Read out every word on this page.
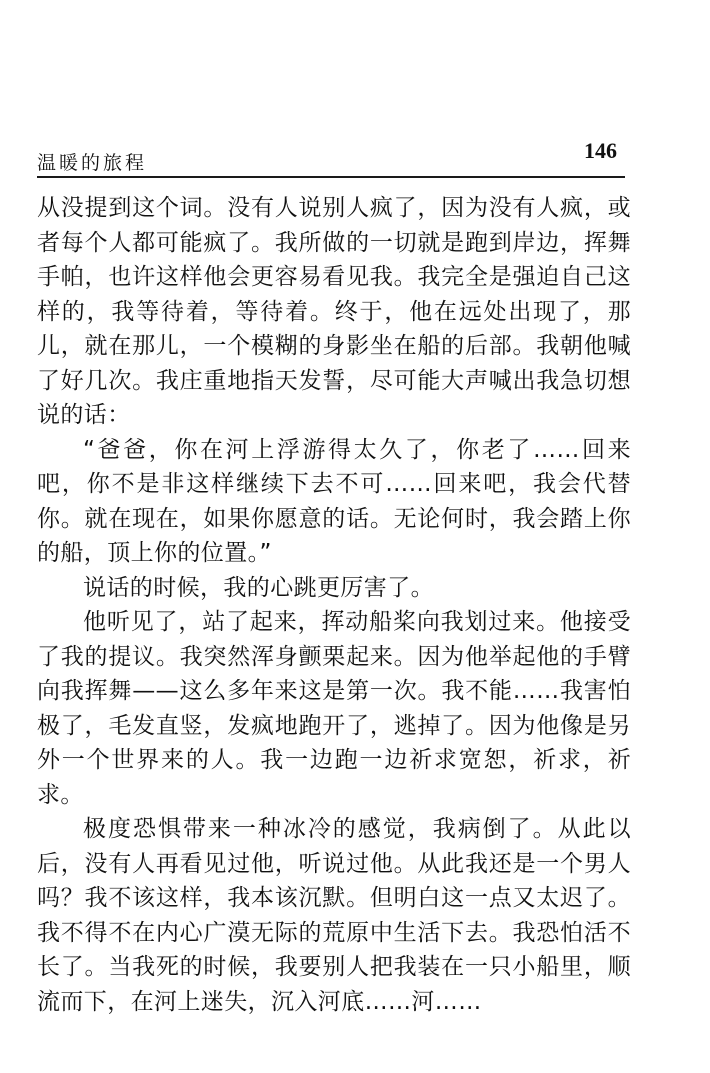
温暖的旅程	146

从没提到这个词。没有人说别人疯了，因为没有人疯，或者每个人都可能疯了。我所做的一切就是跑到岸边，挥舞手帕，也许这样他会更容易看见我。我完全是强迫自己这样的，我等待着，等待着。终于，他在远处出现了，那儿，就在那儿，一个模糊的身影坐在船的后部。我朝他喊了好几次。我庄重地指天发誓，尽可能大声喊出我急切想说的话：

“爸爸，你在河上浮游得太久了，你老了……回来吧，你不是非这样继续下去不可……回来吧，我会代替你。就在现在，如果你愿意的话。无论何时，我会踏上你的船，顶上你的位置。”

说话的时候，我的心跳更厉害了。

他听见了，站了起来，挥动船桨向我划过来。他接受了我的提议。我突然浑身颤栗起来。因为他举起他的手臂向我挥舞——这么多年来这是第一次。我不能……我害怕极了，毛发直竖，发疯地跑开了，逃掉了。因为他像是另外一个世界来的人。我一边跑一边祈求宽恕，祈求，祈求。

极度恐惧带来一种冰冷的感觉，我病倒了。从此以后，没有人再看见过他，听说过他。从此我还是一个男人吗？我不该这样，我本该沉默。但明白这一点又太迟了。我不得不在内心广漠无际的荒原中生活下去。我恐怕活不长了。当我死的时候，我要别人把我装在一只小船里，顺流而下，在河上迷失，沉入河底……河……
